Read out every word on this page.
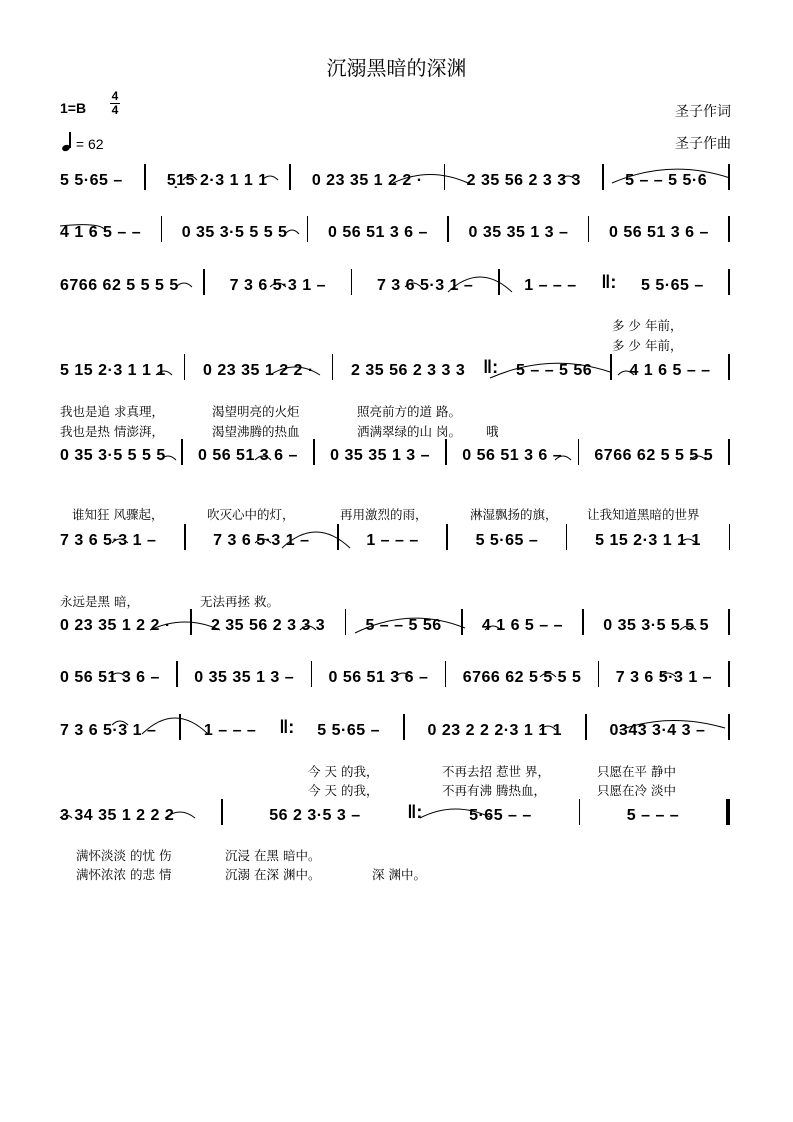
沉溺黑暗的深渊
1=B
4
4
= 62
圣子作词
圣子作曲
5 5·65 –	5̣15 2·3 1 1 1	0 23 35 1 2 2 ·	2 35 56 2 3 3 3	5 – – 5 5·6
4 1 6 5 – –	0 35 3·5 5 5 5	0 56 51 3 6 –	0 35 35 1 3 –	0 56 51 3 6 –
6766 62 5 5 5 5	7 3 6 5·3 1 –	7 3 6 5·3 1 –	1 – – – ‖: 5 5·65 –
5 15 2·3 1 1 1 0 23 35 1 2 2 · 2 35 56 2 3 3 3 ‖: 5 – – 5 56 4 1 6 5 – –
0 35 3·5 5 5 5 0 56 51 3 6 – 0 35 35 1 3 – 0 56 51 3 6 – 6766 62 5 5 5 5
7 3 6 5·3 1 –	7 3 6 5·3 1 –	1 – – –	5 5·65 –	5 15 2·3 1 1 1
0 23 35 1 2 2 ·	2 35 56 2 3 3 3	5 – – 5 56	4 1 6 5 – –	0 35 3·5 5 5 5
0 56 51 3 6 – 0 35 35 1 3 – 0 56 51 3 6 – 6766 62 5 5 5 5 7 3 6 5·3 1 –
7 3 6 5·3 1 –	1 – – – ‖: 5 5·65 –	0 23 2 2 2·3 1 1 1	0343 3·4 3 –
3 34 35 1 2 2 2	56 2 3·5 3 –	‖:	5·65 – –	5 – – –
多 少 年前，
多 少 年前，
我也是追 求真理，	渴望明亮的火炬	照亮前方的道 路。
我也是热 情澎湃，	渴望沸腾的热血	洒满翠绿的山 岗。 哦
谁知狂 风骤起，	吹灭心中的灯，	再用激烈的雨，	淋湿飘扬的旗， 让我知道黑暗的世界
永远是黑 暗，	无法再拯 救。
今 天 的我，	不再去招 惹世 界，	只愿在平 静中
今 天 的我，	不再有沸 腾热血，	只愿在冷 淡中
满怀淡淡 的忧 伤	沉浸 在黑 暗中。
满怀浓浓 的悲 情	沉溺 在深 渊中。	深 渊中。
